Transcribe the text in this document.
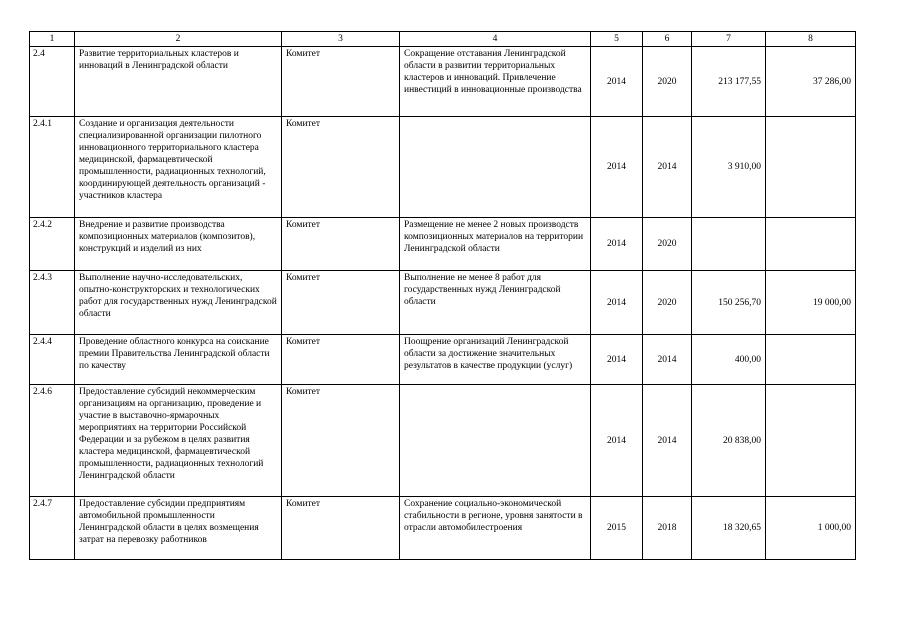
1	2	3	4	5	6	7	8
2.4	Развитие территориальных кластеров и инноваций в Ленинградской области	Комитет	Сокращение отставания Ленинградской области в развитии территориальных кластеров и инноваций. Привлечение инвестиций в инновационные производства	2014	2020	213 177,55	37 286,00
2.4.1	Создание и организация деятельности специализированной организации пилотного инновационного территориального кластера медицинской, фармацевтической промышленности, радиационных технологий, координирующей деятельность организаций - участников кластера	Комитет		2014	2014	3 910,00	
2.4.2	Внедрение и развитие производства композиционных материалов (композитов), конструкций и изделий из них	Комитет	Размещение не менее 2 новых производств композиционных материалов на территории Ленинградской области	2014	2020		
2.4.3	Выполнение научно-исследовательских, опытно-конструкторских и технологических работ для государственных нужд Ленинградской области	Комитет	Выполнение не менее 8 работ для государственных нужд Ленинградской области	2014	2020	150 256,70	19 000,00
2.4.4	Проведение областного конкурса на соискание премии Правительства Ленинградской области по качеству	Комитет	Поощрение организаций Ленинградской области за достижение значительных результатов в качестве продукции (услуг)	2014	2014	400,00	
2.4.6	Предоставление субсидий некоммерческим организациям на организацию, проведение и участие в выставочно-ярмарочных мероприятиях на территории Российской Федерации и за рубежом в целях развития кластера медицинской, фармацевтической промышленности, радиационных технологий Ленинградской области	Комитет		2014	2014	20 838,00	
2.4.7	Предоставление субсидии предприятиям автомобильной промышленности Ленинградской области в целях возмещения затрат на перевозку работников	Комитет	Сохранение социально-экономической стабильности в регионе, уровня занятости в отрасли автомобилестроения	2015	2018	18 320,65	1 000,00
